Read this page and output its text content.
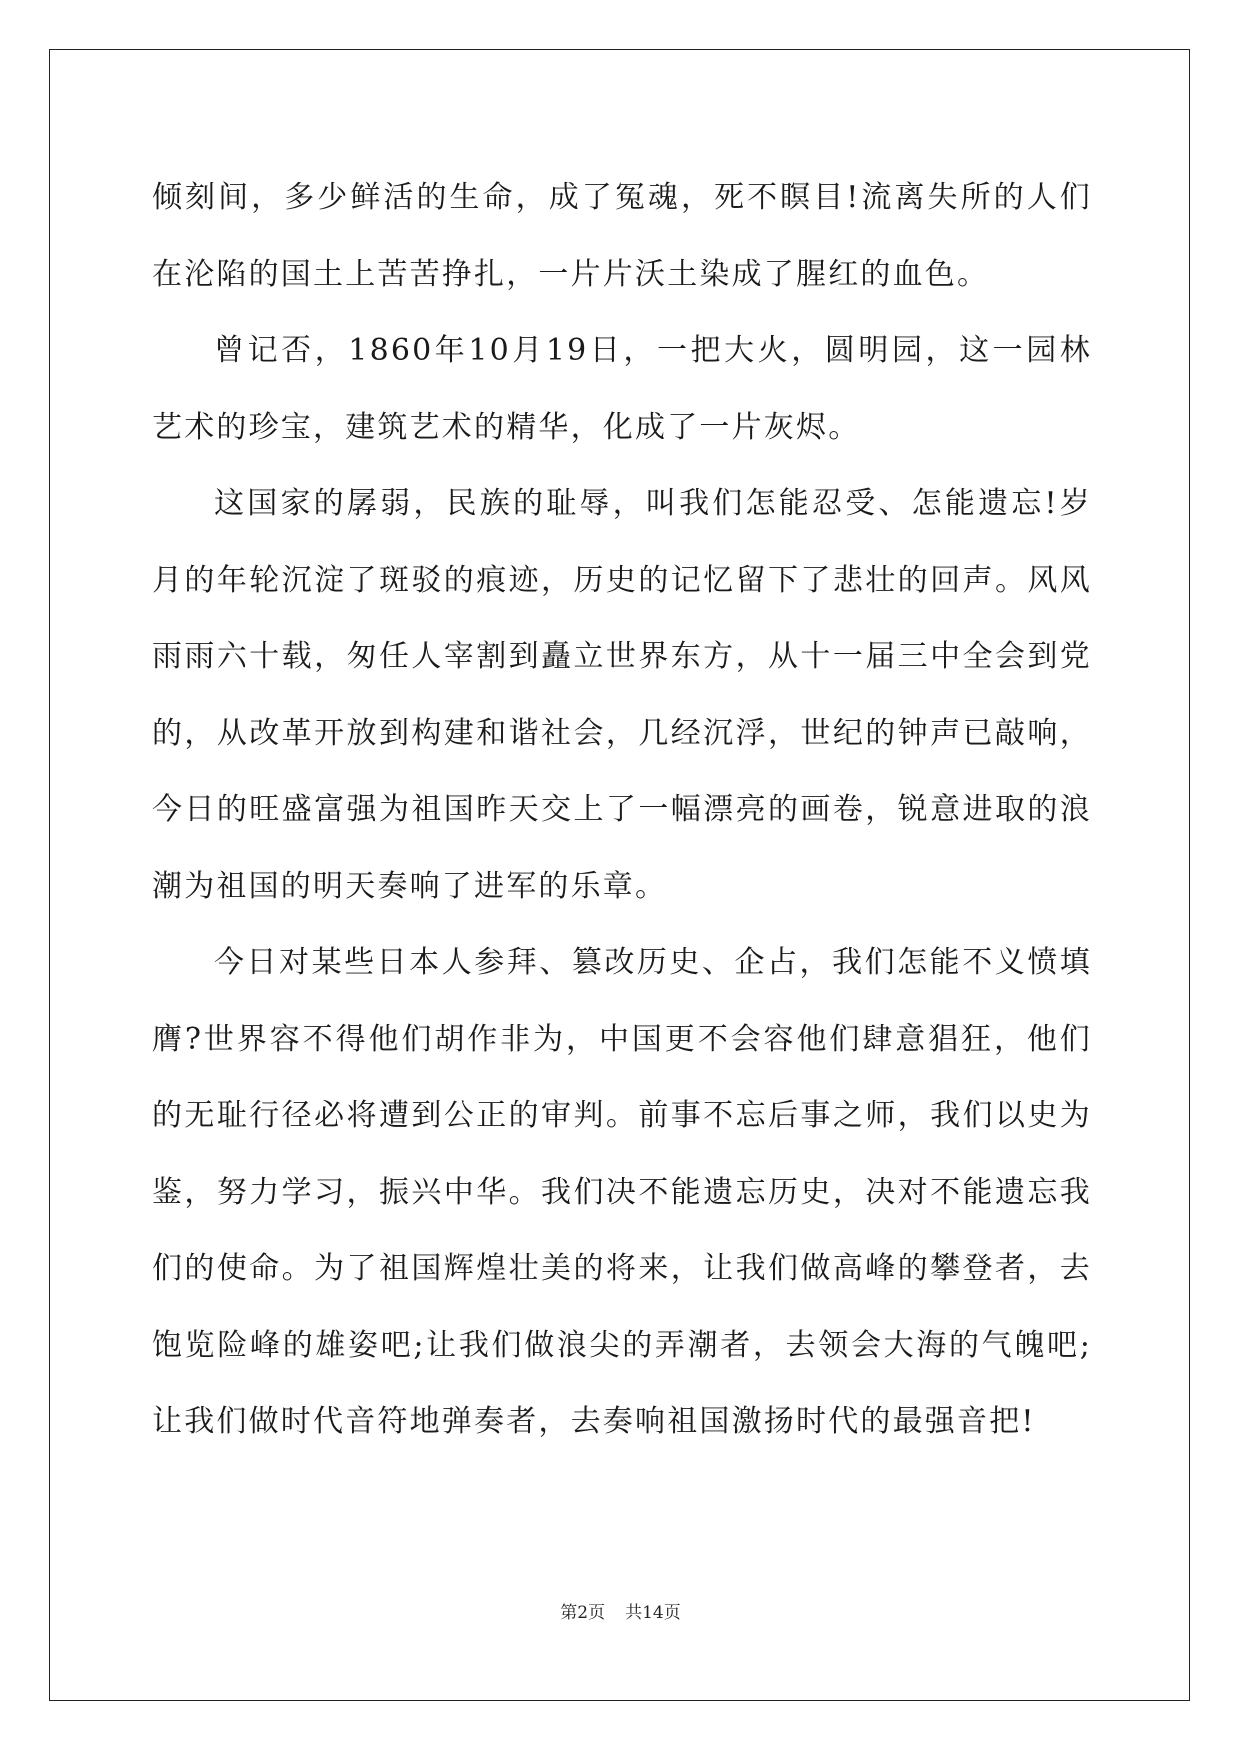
倾刻间，多少鲜活的生命，成了冤魂，死不瞑目!流离失所的人们在沦陷的国土上苦苦挣扎，一片片沃土染成了腥红的血色。

曾记否，1860年10月19日，一把大火，圆明园，这一园林艺术的珍宝，建筑艺术的精华，化成了一片灰烬。

这国家的孱弱，民族的耻辱，叫我们怎能忍受、怎能遗忘!岁月的年轮沉淀了斑驳的痕迹，历史的记忆留下了悲壮的回声。风风雨雨六十载，匆任人宰割到矗立世界东方，从十一届三中全会到党的，从改革开放到构建和谐社会，几经沉浮，世纪的钟声已敲响，今日的旺盛富强为祖国昨天交上了一幅漂亮的画卷，锐意进取的浪潮为祖国的明天奏响了进军的乐章。

今日对某些日本人参拜、篡改历史、企占，我们怎能不义愤填膺?世界容不得他们胡作非为，中国更不会容他们肆意猖狂，他们的无耻行径必将遭到公正的审判。前事不忘后事之师，我们以史为鉴，努力学习，振兴中华。我们决不能遗忘历史，决对不能遗忘我们的使命。为了祖国辉煌壮美的将来，让我们做高峰的攀登者，去饱览险峰的雄姿吧;让我们做浪尖的弄潮者，去领会大海的气魄吧;让我们做时代音符地弹奏者，去奏响祖国激扬时代的最强音把!

第2页 共14页
